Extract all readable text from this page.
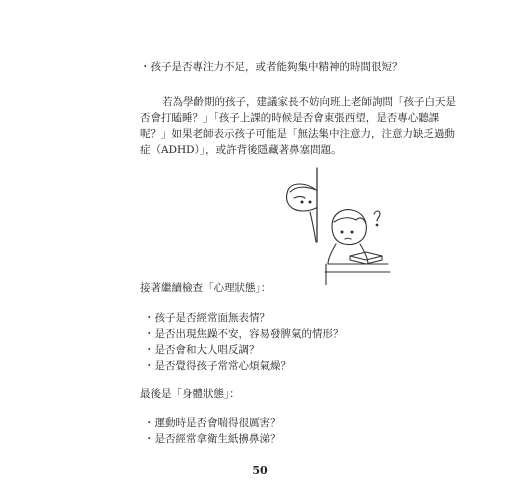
・孩子是否專注力不足，或者能夠集中精神的時間很短？
若為學齡期的孩子，建議家長不妨向班上老師詢問「孩子白天是
否會打瞌睡？」「孩子上課的時候是否會東張西望，是否專心聽課
呢？」如果老師表示孩子可能是「無法集中注意力，注意力缺乏過動
症（ADHD）」，或許背後隱藏著鼻塞問題。
接著繼續檢查「心理狀態」：
・孩子是否經常面無表情？
・是否出現焦躁不安，容易發脾氣的情形？
・是否會和大人唱反調？
・是否覺得孩子常常心煩氣燥？
最後是「身體狀態」：
・運動時是否會喘得很厲害？
・是否經常拿衛生紙擤鼻涕？
50
